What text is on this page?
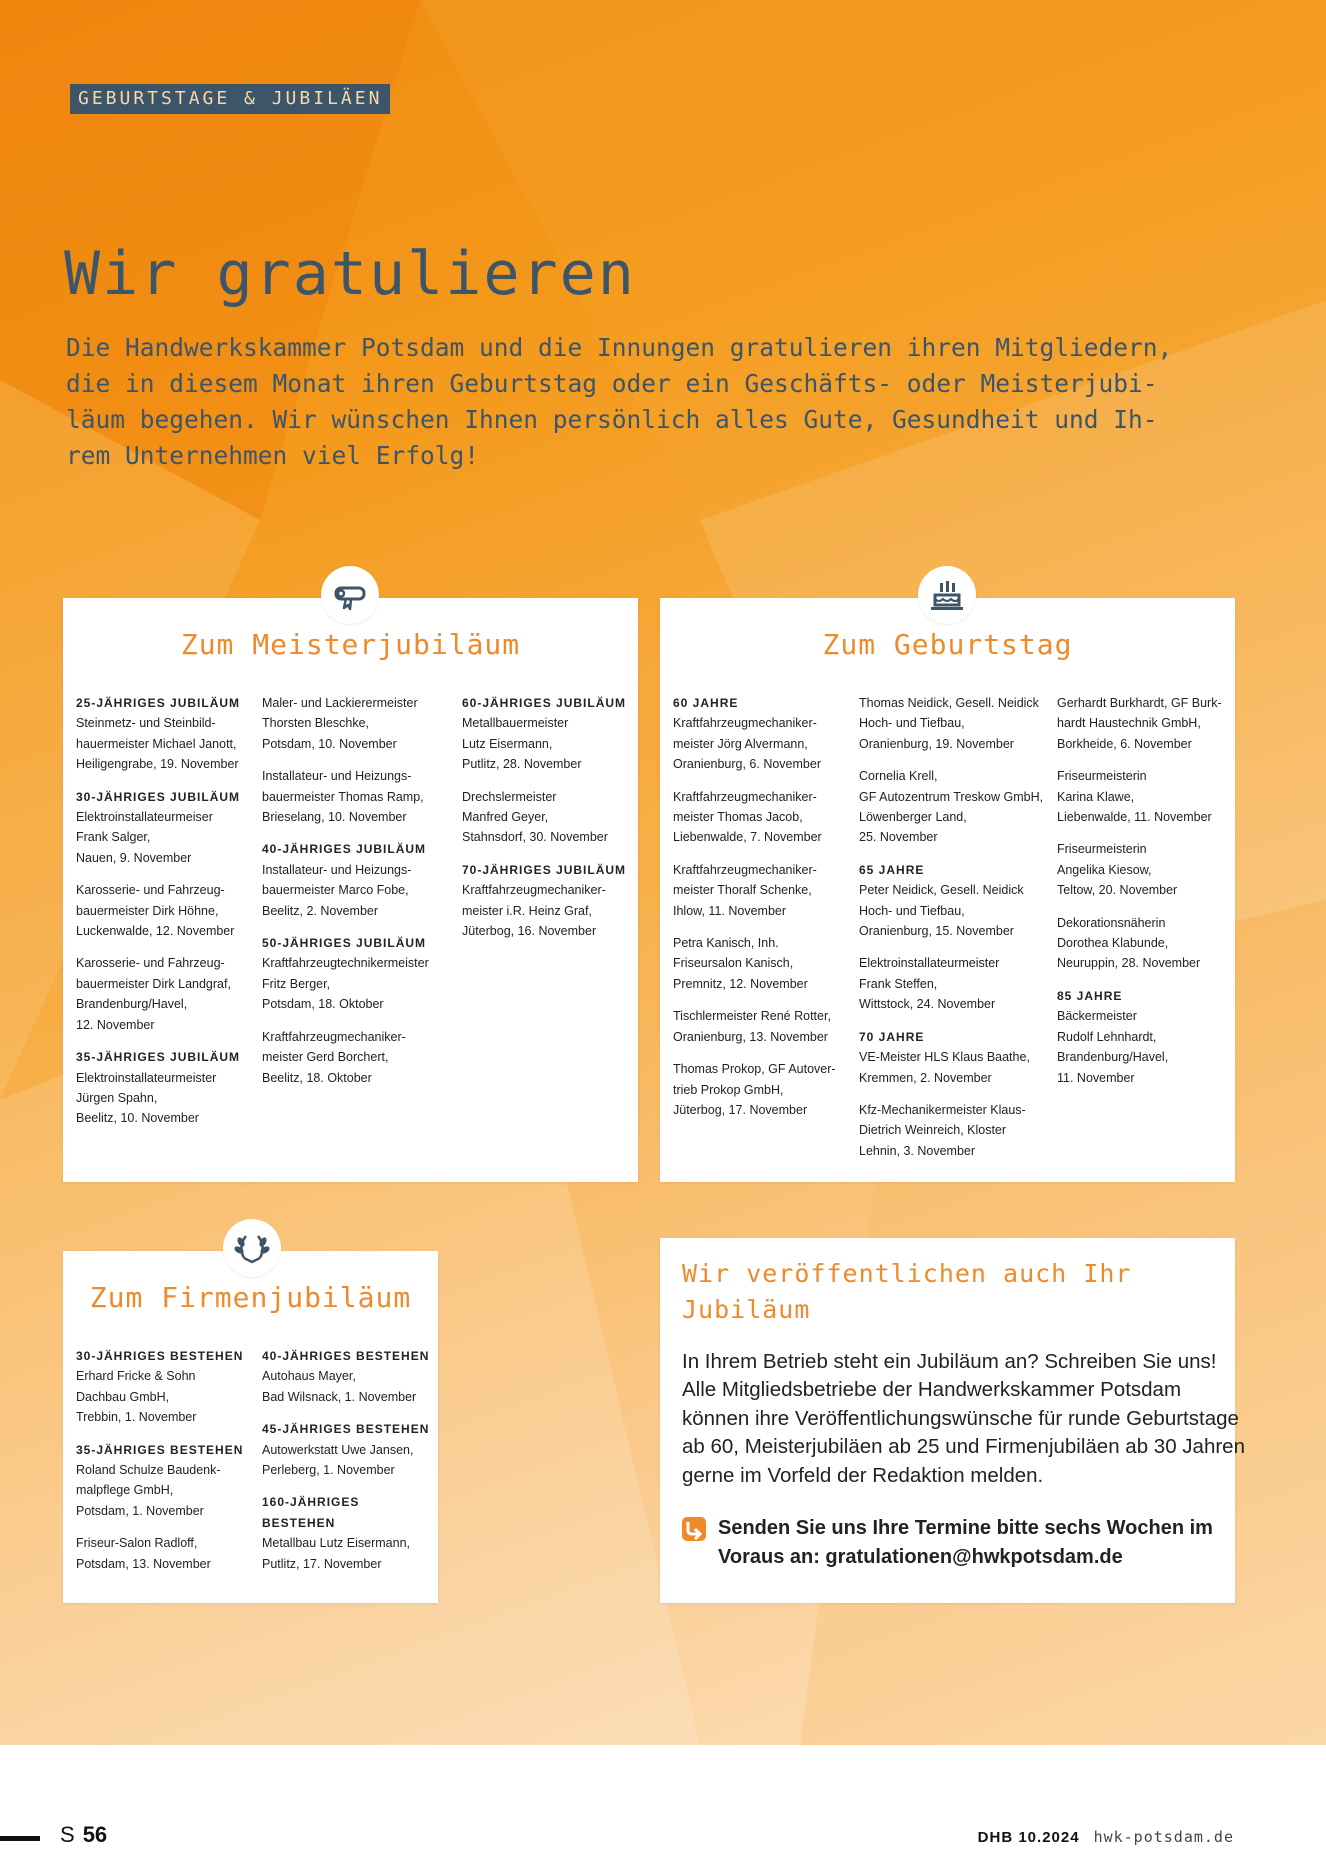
GEBURTSTAGE & JUBILÄEN
Wir gratulieren
Die Handwerkskammer Potsdam und die Innungen gratulieren ihren Mitgliedern,
die in diesem Monat ihren Geburtstag oder ein Geschäfts- oder Meisterjubi-
läum begehen. Wir wünschen Ihnen persönlich alles Gute, Gesundheit und Ih-
rem Unternehmen viel Erfolg!
Zum Meisterjubiläum
25-JÄHRIGES JUBILÄUM
Steinmetz- und Steinbild-
hauermeister Michael Janott,
Heiligengrabe, 19. November
30-JÄHRIGES JUBILÄUM
Elektroinstallateurmeiser
Frank Salger,
Nauen, 9. November
Karosserie- und Fahrzeug-
bauermeister Dirk Höhne,
Luckenwalde, 12. November
Karosserie- und Fahrzeug-
bauermeister Dirk Landgraf,
Brandenburg/Havel,
12. November
35-JÄHRIGES JUBILÄUM
Elektroinstallateurmeister
Jürgen Spahn,
Beelitz, 10. November
Maler- und Lackierermeister
Thorsten Bleschke,
Potsdam, 10. November
Installateur- und Heizungs-
bauermeister Thomas Ramp,
Brieselang, 10. November
40-JÄHRIGES JUBILÄUM
Installateur- und Heizungs-
bauermeister Marco Fobe,
Beelitz, 2. November
50-JÄHRIGES JUBILÄUM
Kraftfahrzeugtechnikermeister
Fritz Berger,
Potsdam, 18. Oktober
Kraftfahrzeugmechaniker-
meister Gerd Borchert,
Beelitz, 18. Oktober
60-JÄHRIGES JUBILÄUM
Metallbauermeister
Lutz Eisermann,
Putlitz, 28. November
Drechslermeister
Manfred Geyer,
Stahnsdorf, 30. November
70-JÄHRIGES JUBILÄUM
Kraftfahrzeugmechaniker-
meister i.R. Heinz Graf,
Jüterbog, 16. November
Zum Geburtstag
60 JAHRE
Kraftfahrzeugmechaniker-
meister Jörg Alvermann,
Oranienburg, 6. November
Kraftfahrzeugmechaniker-
meister Thomas Jacob,
Liebenwalde, 7. November
Kraftfahrzeugmechaniker-
meister Thoralf Schenke,
Ihlow, 11. November
Petra Kanisch, Inh.
Friseursalon Kanisch,
Premnitz, 12. November
Tischlermeister René Rotter,
Oranienburg, 13. November
Thomas Prokop, GF Autover-
trieb Prokop GmbH,
Jüterbog, 17. November
Thomas Neidick, Gesell. Neidick
Hoch- und Tiefbau,
Oranienburg, 19. November
Cornelia Krell,
GF Autozentrum Treskow GmbH,
Löwenberger Land,
25. November
65 JAHRE
Peter Neidick, Gesell. Neidick
Hoch- und Tiefbau,
Oranienburg, 15. November
Elektroinstallateurmeister
Frank Steffen,
Wittstock, 24. November
70 JAHRE
VE-Meister HLS Klaus Baathe,
Kremmen, 2. November
Kfz-Mechanikermeister Klaus-
Dietrich Weinreich, Kloster
Lehnin, 3. November
Gerhardt Burkhardt, GF Burk-
hardt Haustechnik GmbH,
Borkheide, 6. November
Friseurmeisterin
Karina Klawe,
Liebenwalde, 11. November
Friseurmeisterin
Angelika Kiesow,
Teltow, 20. November
Dekorationsnäherin
Dorothea Klabunde,
Neuruppin, 28. November
85 JAHRE
Bäckermeister
Rudolf Lehnhardt,
Brandenburg/Havel,
11. November
Zum Firmenjubiläum
30-JÄHRIGES BESTEHEN
Erhard Fricke & Sohn
Dachbau GmbH,
Trebbin, 1. November
35-JÄHRIGES BESTEHEN
Roland Schulze Baudenk-
malpflege GmbH,
Potsdam, 1. November
Friseur-Salon Radloff,
Potsdam, 13. November
40-JÄHRIGES BESTEHEN
Autohaus Mayer,
Bad Wilsnack, 1. November
45-JÄHRIGES BESTEHEN
Autowerkstatt Uwe Jansen,
Perleberg, 1. November
160-JÄHRIGES BESTEHEN
Metallbau Lutz Eisermann,
Putlitz, 17. November
Wir veröffentlichen auch Ihr
Jubiläum
In Ihrem Betrieb steht ein Jubiläum an? Schreiben Sie uns!
Alle Mitgliedsbetriebe der Handwerkskammer Potsdam
können ihre Veröffentlichungswünsche für runde Geburtstage
ab 60, Meisterjubiläen ab 25 und Firmenjubiläen ab 30 Jahren
gerne im Vorfeld der Redaktion melden.
Senden Sie uns Ihre Termine bitte sechs Wochen im
Voraus an: gratulationen@hwkpotsdam.de
S 56	DHB 10.2024 hwk-potsdam.de
